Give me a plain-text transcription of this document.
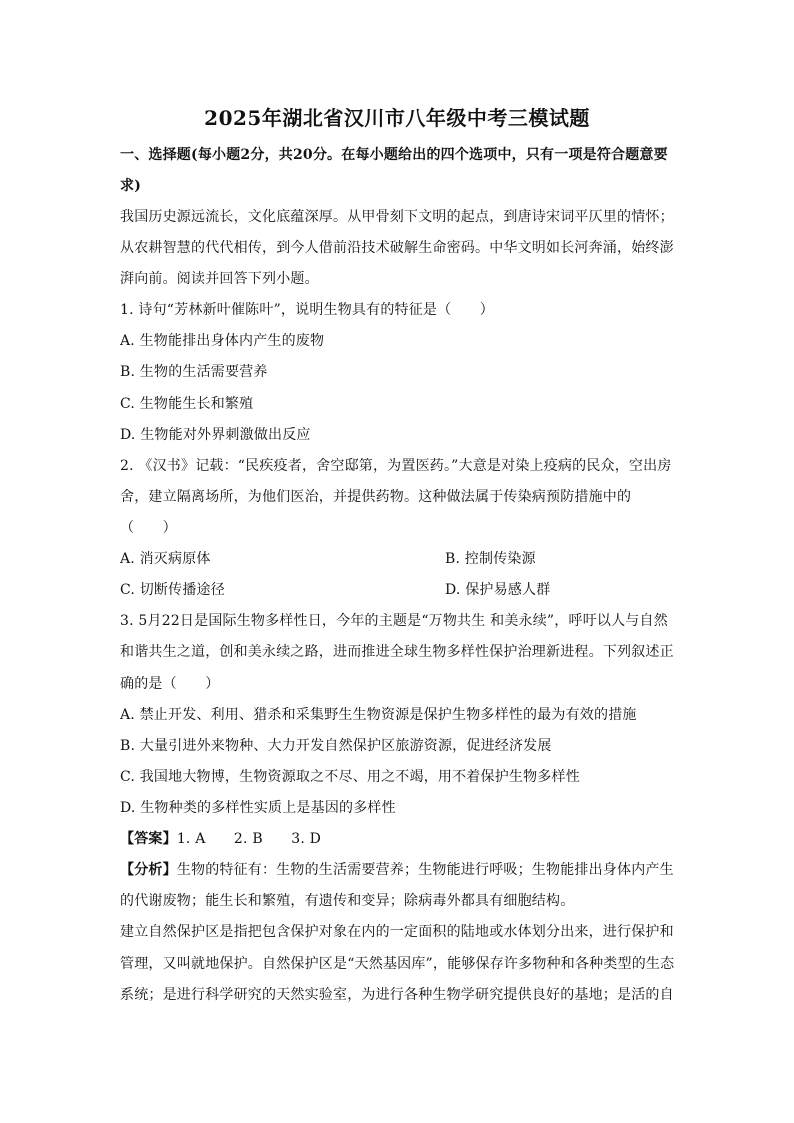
2025年湖北省汉川市八年级中考三模试题
一、选择题(每小题2分，共20分。在每小题给出的四个选项中，只有一项是符合题意要
求)
我国历史源远流长，文化底蕴深厚。从甲骨刻下文明的起点，到唐诗宋词平仄里的情怀；
从农耕智慧的代代相传，到今人借前沿技术破解生命密码。中华文明如长河奔涌，始终澎
湃向前。阅读并回答下列小题。
1. 诗句“芳林新叶催陈叶”，说明生物具有的特征是（　　）
A. 生物能排出身体内产生的废物
B. 生物的生活需要营养
C. 生物能生长和繁殖
D. 生物能对外界刺激做出反应
2. 《汉书》记载：“民疾疫者，舍空邸第，为置医药。”大意是对染上疫病的民众，空出房
舍，建立隔离场所，为他们医治，并提供药物。这种做法属于传染病预防措施中的
（　　）
A. 消灭病原体	B. 控制传染源
C. 切断传播途径	D. 保护易感人群
3. 5月22日是国际生物多样性日，今年的主题是“万物共生 和美永续”，呼吁以人与自然
和谐共生之道，创和美永续之路，进而推进全球生物多样性保护治理新进程。下列叙述正
确的是（　　）
A. 禁止开发、利用、猎杀和采集野生生物资源是保护生物多样性的最为有效的措施
B. 大量引进外来物种、大力开发自然保护区旅游资源，促进经济发展
C. 我国地大物博，生物资源取之不尽、用之不竭，用不着保护生物多样性
D. 生物种类的多样性实质上是基因的多样性
【答案】1. A　　2. B　　3. D
【分析】生物的特征有：生物的生活需要营养；生物能进行呼吸；生物能排出身体内产生
的代谢废物；能生长和繁殖，有遗传和变异；除病毒外都具有细胞结构。
建立自然保护区是指把包含保护对象在内的一定面积的陆地或水体划分出来，进行保护和
管理，又叫就地保护。自然保护区是“天然基因库”，能够保存许多物种和各种类型的生态
系统；是进行科学研究的天然实验室，为进行各种生物学研究提供良好的基地；是活的自
